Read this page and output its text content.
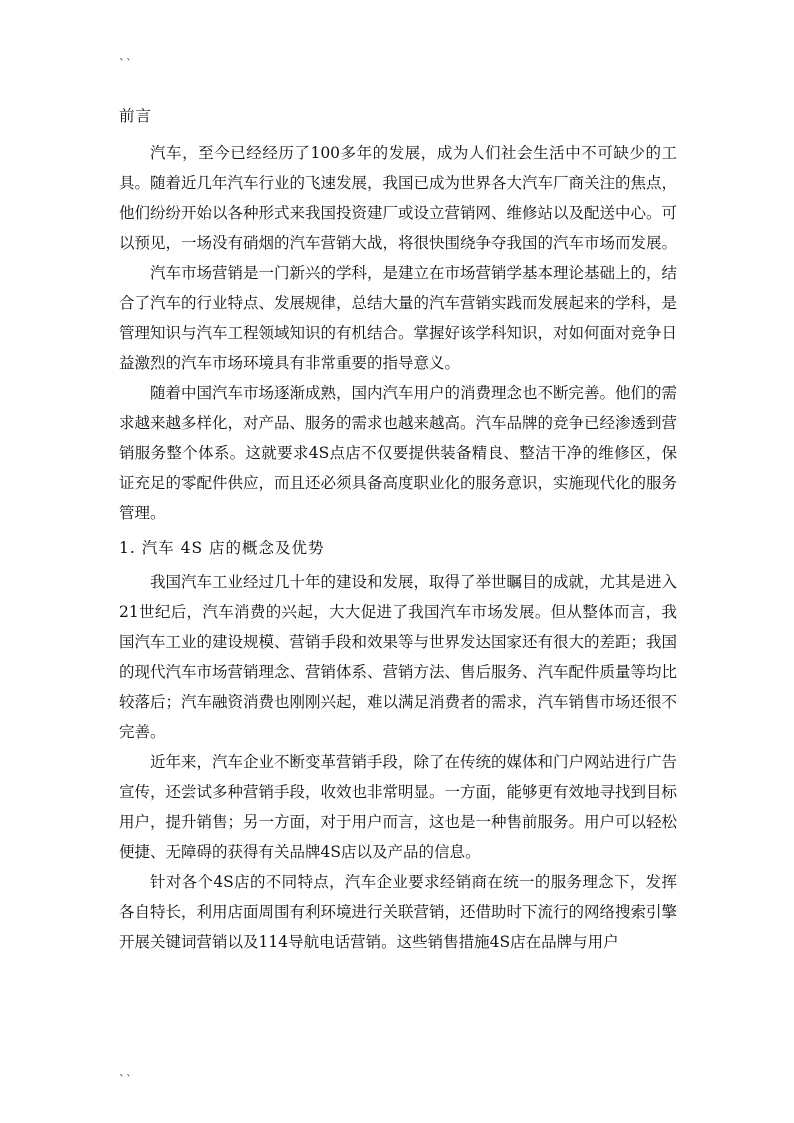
``
前言

汽车，至今已经经历了100多年的发展，成为人们社会生活中不可缺少的工具。随着近几年汽车行业的飞速发展，我国已成为世界各大汽车厂商关注的焦点，他们纷纷开始以各种形式来我国投资建厂或设立营销网、维修站以及配送中心。可以预见，一场没有硝烟的汽车营销大战，将很快围绕争夺我国的汽车市场而发展。

汽车市场营销是一门新兴的学科，是建立在市场营销学基本理论基础上的，结合了汽车的行业特点、发展规律，总结大量的汽车营销实践而发展起来的学科，是管理知识与汽车工程领域知识的有机结合。掌握好该学科知识，对如何面对竞争日益激烈的汽车市场环境具有非常重要的指导意义。

随着中国汽车市场逐渐成熟，国内汽车用户的消费理念也不断完善。他们的需求越来越多样化，对产品、服务的需求也越来越高。汽车品牌的竞争已经渗透到营销服务整个体系。这就要求4S点店不仅要提供装备精良、整洁干净的维修区，保证充足的零配件供应，而且还必须具备高度职业化的服务意识，实施现代化的服务管理。

1. 汽车 4S 店的概念及优势

我国汽车工业经过几十年的建设和发展，取得了举世瞩目的成就，尤其是进入21世纪后，汽车消费的兴起，大大促进了我国汽车市场发展。但从整体而言，我国汽车工业的建设规模、营销手段和效果等与世界发达国家还有很大的差距；我国的现代汽车市场营销理念、营销体系、营销方法、售后服务、汽车配件质量等均比较落后；汽车融资消费也刚刚兴起，难以满足消费者的需求，汽车销售市场还很不完善。

近年来，汽车企业不断变革营销手段，除了在传统的媒体和门户网站进行广告宣传，还尝试多种营销手段，收效也非常明显。一方面，能够更有效地寻找到目标用户，提升销售；另一方面，对于用户而言，这也是一种售前服务。用户可以轻松便捷、无障碍的获得有关品牌4S店以及产品的信息。

针对各个4S店的不同特点，汽车企业要求经销商在统一的服务理念下，发挥各自特长，利用店面周围有利环境进行关联营销，还借助时下流行的网络搜索引擎开展关键词营销以及114导航电话营销。这些销售措施4S店在品牌与用户

``
